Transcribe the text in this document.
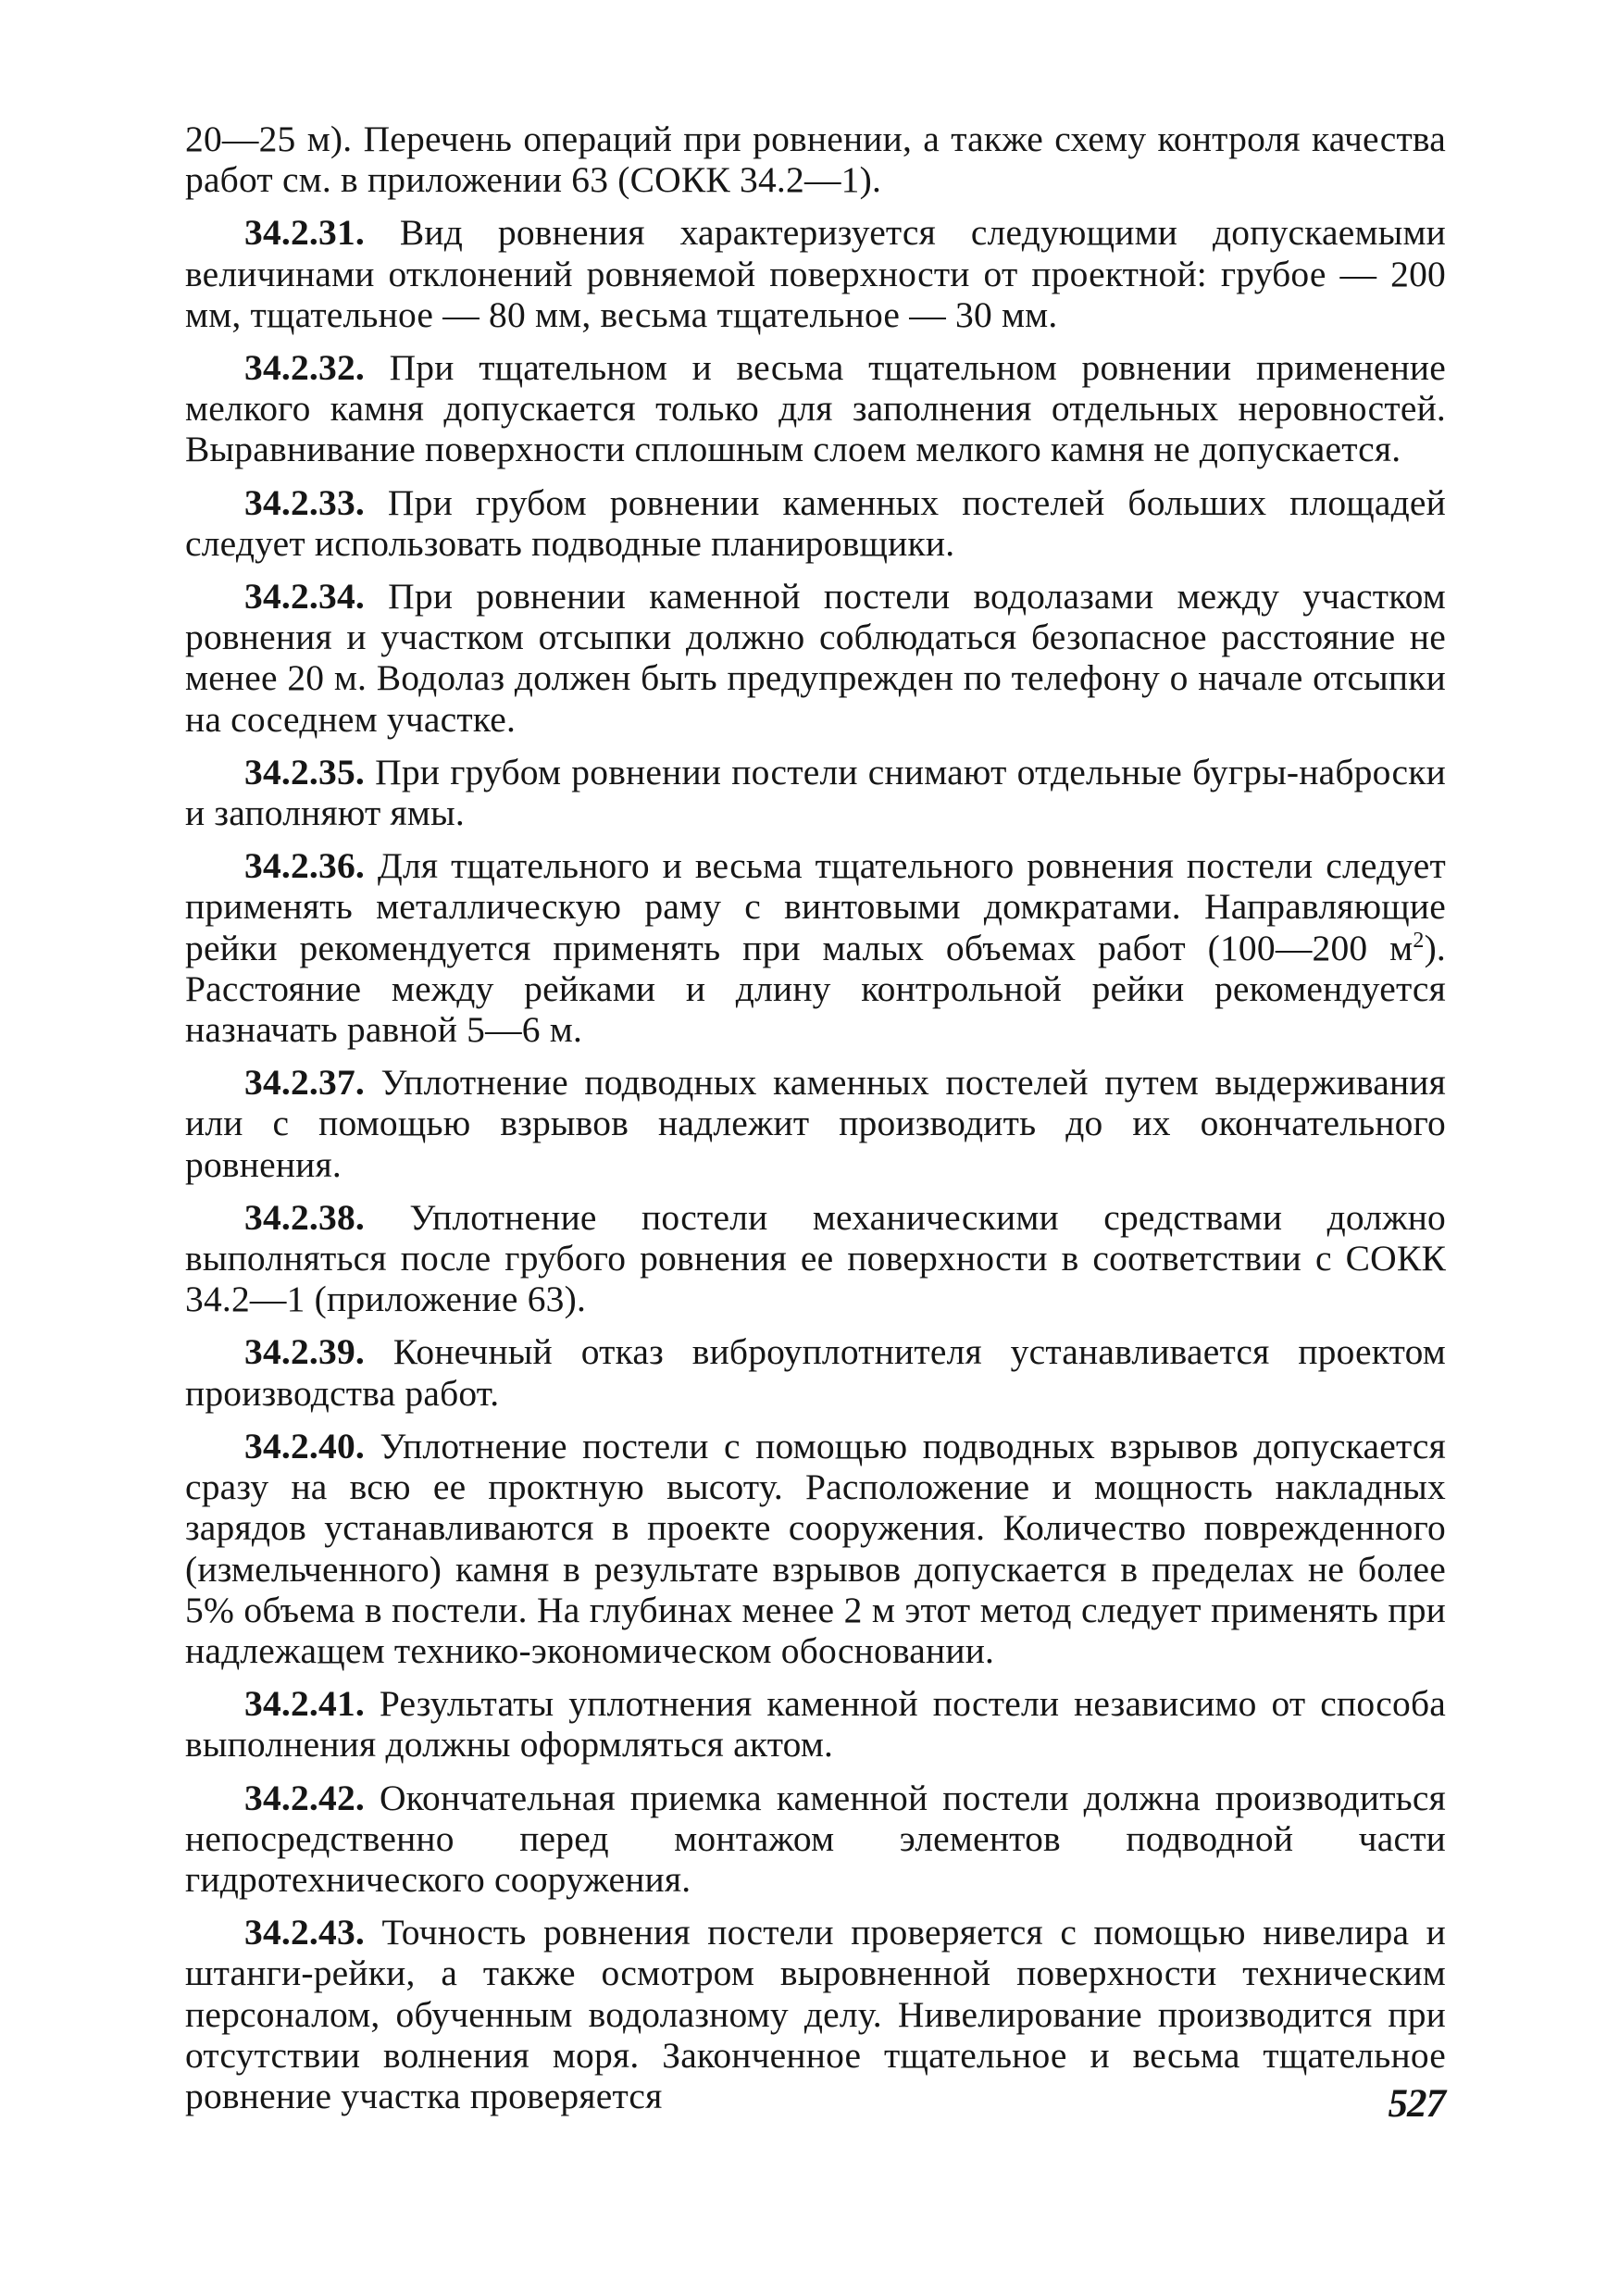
20—25 м). Перечень операций при ровнении, а также схему контроля качества работ см. в приложении 63 (СОКК 34.2—1).

34.2.31. Вид ровнения характеризуется следующими допускаемыми величинами отклонений ровняемой поверхности от проектной: грубое — 200 мм, тщательное — 80 мм, весьма тщательное — 30 мм.

34.2.32. При тщательном и весьма тщательном ровнении применение мелкого камня допускается только для заполнения отдельных неровностей. Выравнивание поверхности сплошным слоем мелкого камня не допускается.

34.2.33. При грубом ровнении каменных постелей больших площадей следует использовать подводные планировщики.

34.2.34. При ровнении каменной постели водолазами между участком ровнения и участком отсыпки должно соблюдаться безопасное расстояние не менее 20 м. Водолаз должен быть предупрежден по телефону о начале отсыпки на соседнем участке.

34.2.35. При грубом ровнении постели снимают отдельные бугры-наброски и заполняют ямы.

34.2.36. Для тщательного и весьма тщательного ровнения постели следует применять металлическую раму с винтовыми домкратами. Направляющие рейки рекомендуется применять при малых объемах работ (100—200 $м^2$). Расстояние между рейками и длину контрольной рейки рекомендуется назначать равной 5—6 м.

34.2.37. Уплотнение подводных каменных постелей путем выдерживания или с помощью взрывов надлежит производить до их окончательного ровнения.

34.2.38. Уплотнение постели механическими средствами должно выполняться после грубого ровнения ее поверхности в соответствии с СОКК 34.2—1 (приложение 63).

34.2.39. Конечный отказ виброуплотнителя устанавливается проектом производства работ.

34.2.40. Уплотнение постели с помощью подводных взрывов допускается сразу на всю ее проктную высоту. Расположение и мощность накладных зарядов устанавливаются в проекте сооружения. Количество поврежденного (измельченного) камня в результате взрывов допускается в пределах не более 5% объема в постели. На глубинах менее 2 м этот метод следует применять при надлежащем технико-экономическом обосновании.

34.2.41. Результаты уплотнения каменной постели независимо от способа выполнения должны оформляться актом.

34.2.42. Окончательная приемка каменной постели должна производиться непосредственно перед монтажом элементов подводной части гидротехнического сооружения.

34.2.43. Точность ровнения постели проверяется с помощью нивелира и штанги-рейки, а также осмотром выровненной поверхности техническим персоналом, обученным водолазному делу. Нивелирование производится при отсутствии волнения моря. Законченное тщательное и весьма тщательное ровнение участка проверяется	527
